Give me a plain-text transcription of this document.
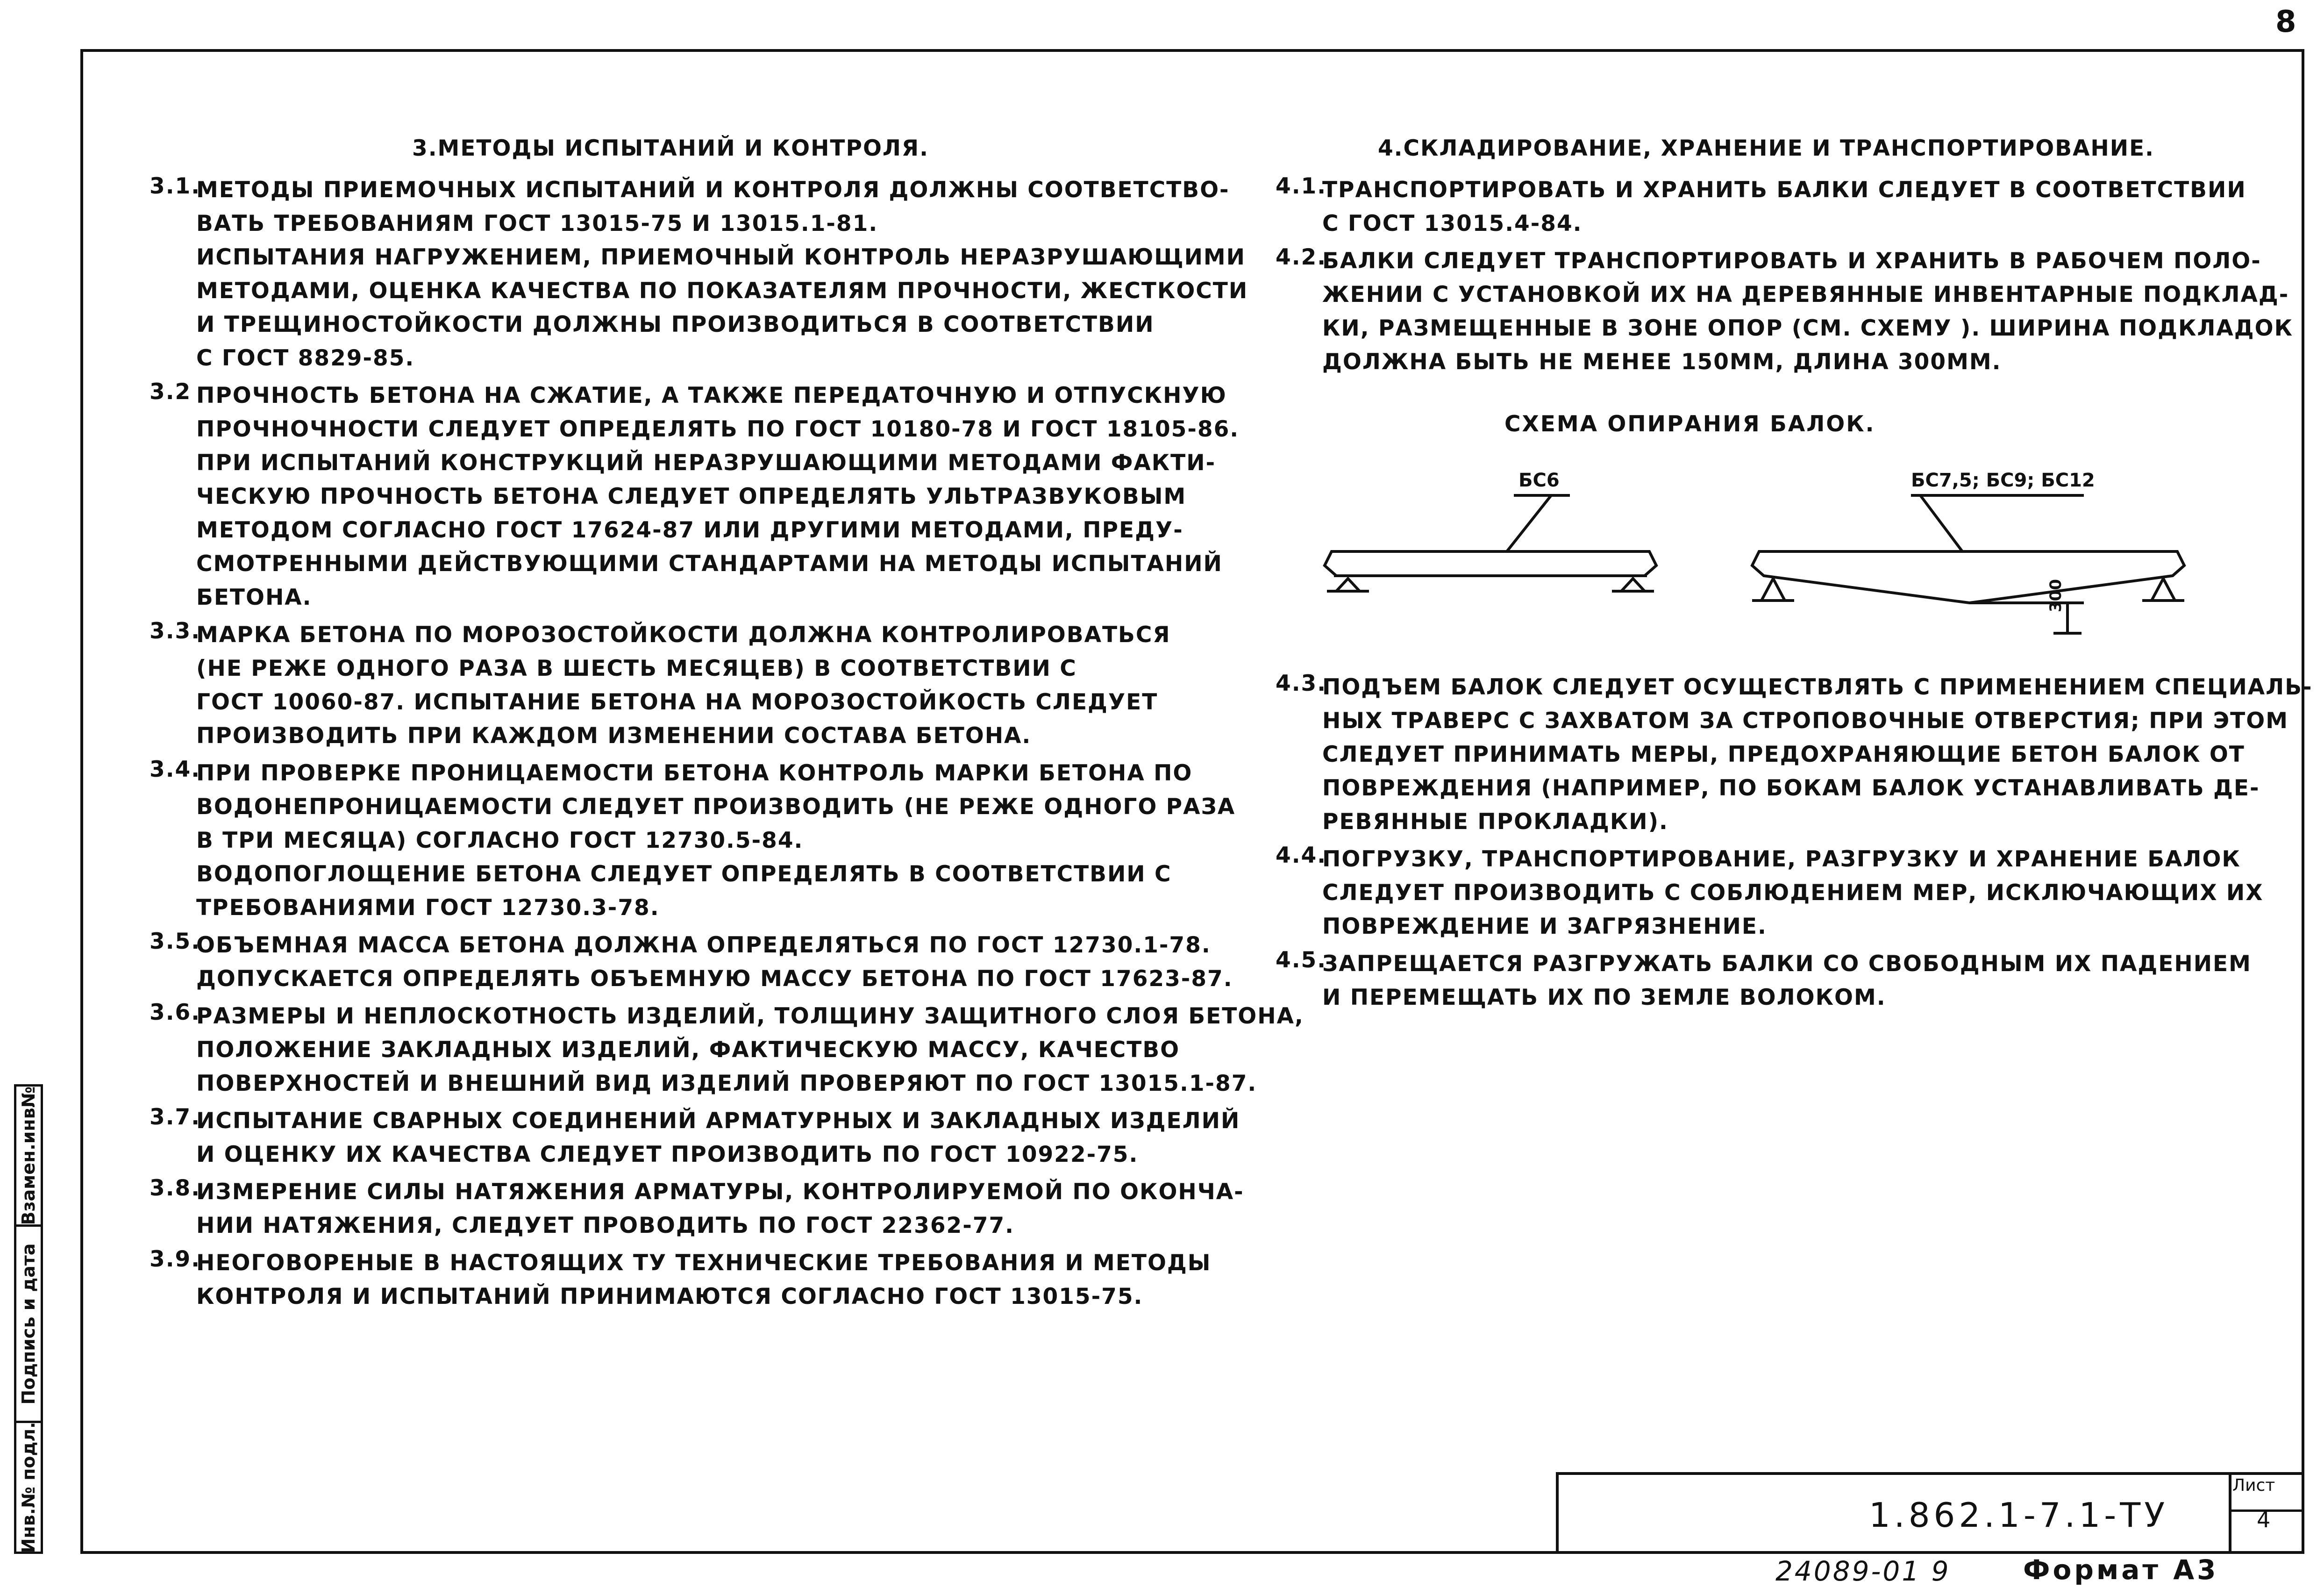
8
3.МЕТОДЫ ИСПЫТАНИЙ И КОНТРОЛЯ.
3.1.
МЕТОДЫ ПРИЕМОЧНЫХ ИСПЫТАНИЙ И КОНТРОЛЯ ДОЛЖНЫ СООТВЕТСТВО-
ВАТЬ ТРЕБОВАНИЯМ ГОСТ 13015-75 И 13015.1-81.
ИСПЫТАНИЯ НАГРУЖЕНИЕМ, ПРИЕМОЧНЫЙ КОНТРОЛЬ НЕРАЗРУШАЮЩИМИ
МЕТОДАМИ, ОЦЕНКА КАЧЕСТВА ПО ПОКАЗАТЕЛЯМ ПРОЧНОСТИ, ЖЕСТКОСТИ
И ТРЕЩИНОСТОЙКОСТИ ДОЛЖНЫ ПРОИЗВОДИТЬСЯ В СООТВЕТСТВИИ
С ГОСТ 8829-85.
3.2 ПРОЧНОСТЬ БЕТОНА НА СЖАТИЕ, А ТАКЖЕ ПЕРЕДАТОЧНУЮ И ОТПУСКНУЮ
ПРОЧНОЧНОСТИ СЛЕДУЕТ ОПРЕДЕЛЯТЬ ПО ГОСТ 10180-78 И ГОСТ 18105-86.
ПРИ ИСПЫТАНИЙ КОНСТРУКЦИЙ НЕРАЗРУШАЮЩИМИ МЕТОДАМИ ФАКТИ-
ЧЕСКУЮ ПРОЧНОСТЬ БЕТОНА СЛЕДУЕТ ОПРЕДЕЛЯТЬ УЛЬТРАЗВУКОВЫМ
МЕТОДОМ СОГЛАСНО ГОСТ 17624-87 ИЛИ ДРУГИМИ МЕТОДАМИ, ПРЕДУ-
СМОТРЕННЫМИ ДЕЙСТВУЮЩИМИ СТАНДАРТАМИ НА МЕТОДЫ ИСПЫТАНИЙ
БЕТОНА.
3.3.
МАРКА БЕТОНА ПО МОРОЗОСТОЙКОСТИ ДОЛЖНА КОНТРОЛИРОВАТЬСЯ
(НЕ РЕЖЕ ОДНОГО РАЗА В ШЕСТЬ МЕСЯЦЕВ) В СООТВЕТСТВИИ С
ГОСТ 10060-87. ИСПЫТАНИЕ БЕТОНА НА МОРОЗОСТОЙКОСТЬ СЛЕДУЕТ
ПРОИЗВОДИТЬ ПРИ КАЖДОМ ИЗМЕНЕНИИ СОСТАВА БЕТОНА.
3.4.
ПРИ ПРОВЕРКЕ ПРОНИЦАЕМОСТИ БЕТОНА КОНТРОЛЬ МАРКИ БЕТОНА ПО
ВОДОНЕПРОНИЦАЕМОСТИ СЛЕДУЕТ ПРОИЗВОДИТЬ (НЕ РЕЖЕ ОДНОГО РАЗА
В ТРИ МЕСЯЦА) СОГЛАСНО ГОСТ 12730.5-84.
ВОДОПОГЛОЩЕНИЕ БЕТОНА СЛЕДУЕТ ОПРЕДЕЛЯТЬ В СООТВЕТСТВИИ С
ТРЕБОВАНИЯМИ ГОСТ 12730.3-78.
3.5.
ОБЪЕМНАЯ МАССА БЕТОНА ДОЛЖНА ОПРЕДЕЛЯТЬСЯ ПО ГОСТ 12730.1-78.
ДОПУСКАЕТСЯ ОПРЕДЕЛЯТЬ ОБЪЕМНУЮ МАССУ БЕТОНА ПО ГОСТ 17623-87.
3.6.
РАЗМЕРЫ И НЕПЛОСКОТНОСТЬ ИЗДЕЛИЙ, ТОЛЩИНУ ЗАЩИТНОГО СЛОЯ БЕТОНА,
ПОЛОЖЕНИЕ ЗАКЛАДНЫХ ИЗДЕЛИЙ, ФАКТИЧЕСКУЮ МАССУ, КАЧЕСТВО
ПОВЕРХНОСТЕЙ И ВНЕШНИЙ ВИД ИЗДЕЛИЙ ПРОВЕРЯЮТ ПО ГОСТ 13015.1-87.
3.7.
ИСПЫТАНИЕ СВАРНЫХ СОЕДИНЕНИЙ АРМАТУРНЫХ И ЗАКЛАДНЫХ ИЗДЕЛИЙ
И ОЦЕНКУ ИХ КАЧЕСТВА СЛЕДУЕТ ПРОИЗВОДИТЬ ПО ГОСТ 10922-75.
3.8.
ИЗМЕРЕНИЕ СИЛЫ НАТЯЖЕНИЯ АРМАТУРЫ, КОНТРОЛИРУЕМОЙ ПО ОКОНЧА-
НИИ НАТЯЖЕНИЯ, СЛЕДУЕТ ПРОВОДИТЬ ПО ГОСТ 22362-77.
3.9.
НЕОГОВОРЕНЫЕ В НАСТОЯЩИХ ТУ ТЕХНИЧЕСКИЕ ТРЕБОВАНИЯ И МЕТОДЫ
КОНТРОЛЯ И ИСПЫТАНИЙ ПРИНИМАЮТСЯ СОГЛАСНО ГОСТ 13015-75.
4.СКЛАДИРОВАНИЕ, ХРАНЕНИЕ И ТРАНСПОРТИРОВАНИЕ.
4.1.
ТРАНСПОРТИРОВАТЬ И ХРАНИТЬ БАЛКИ СЛЕДУЕТ В СООТВЕТСТВИИ
С ГОСТ 13015.4-84.
4.2.
БАЛКИ СЛЕДУЕТ ТРАНСПОРТИРОВАТЬ И ХРАНИТЬ В РАБОЧЕМ ПОЛО-
ЖЕНИИ С УСТАНОВКОЙ ИХ НА ДЕРЕВЯННЫЕ ИНВЕНТАРНЫЕ ПОДКЛАД-
КИ, РАЗМЕЩЕННЫЕ В ЗОНЕ ОПОР (СМ. СХЕМУ ). ШИРИНА ПОДКЛАДОК
ДОЛЖНА БЫТЬ НЕ МЕНЕЕ 150ММ, ДЛИНА 300ММ.
4.3.
ПОДЪЕМ БАЛОК СЛЕДУЕТ ОСУЩЕСТВЛЯТЬ С ПРИМЕНЕНИЕМ СПЕЦИАЛЬ-
НЫХ ТРАВЕРС С ЗАХВАТОМ ЗА СТРОПОВОЧНЫЕ ОТВЕРСТИЯ; ПРИ ЭТОМ
СЛЕДУЕТ ПРИНИМАТЬ МЕРЫ, ПРЕДОХРАНЯЮЩИЕ БЕТОН БАЛОК ОТ
ПОВРЕЖДЕНИЯ (НАПРИМЕР, ПО БОКАМ БАЛОК УСТАНАВЛИВАТЬ ДЕ-
РЕВЯННЫЕ ПРОКЛАДКИ).
4.4.
ПОГРУЗКУ, ТРАНСПОРТИРОВАНИЕ, РАЗГРУЗКУ И ХРАНЕНИЕ БАЛОК
СЛЕДУЕТ ПРОИЗВОДИТЬ С СОБЛЮДЕНИЕМ МЕР, ИСКЛЮЧАЮЩИХ ИХ
ПОВРЕЖДЕНИЕ И ЗАГРЯЗНЕНИЕ.
4.5.
ЗАПРЕЩАЕТСЯ РАЗГРУЖАТЬ БАЛКИ СО СВОБОДНЫМ ИХ ПАДЕНИЕМ
И ПЕРЕМЕЩАТЬ ИХ ПО ЗЕМЛЕ ВОЛОКОМ.
СХЕМА ОПИРАНИЯ БАЛОК.
БС6	БС7,5; БС9; БС12
300
Лист
4
1.862.1-7.1-ТУ
24089-01 9	Формат А3
Взамен.инв№
Подпись и дата
Инв.№ подл.
